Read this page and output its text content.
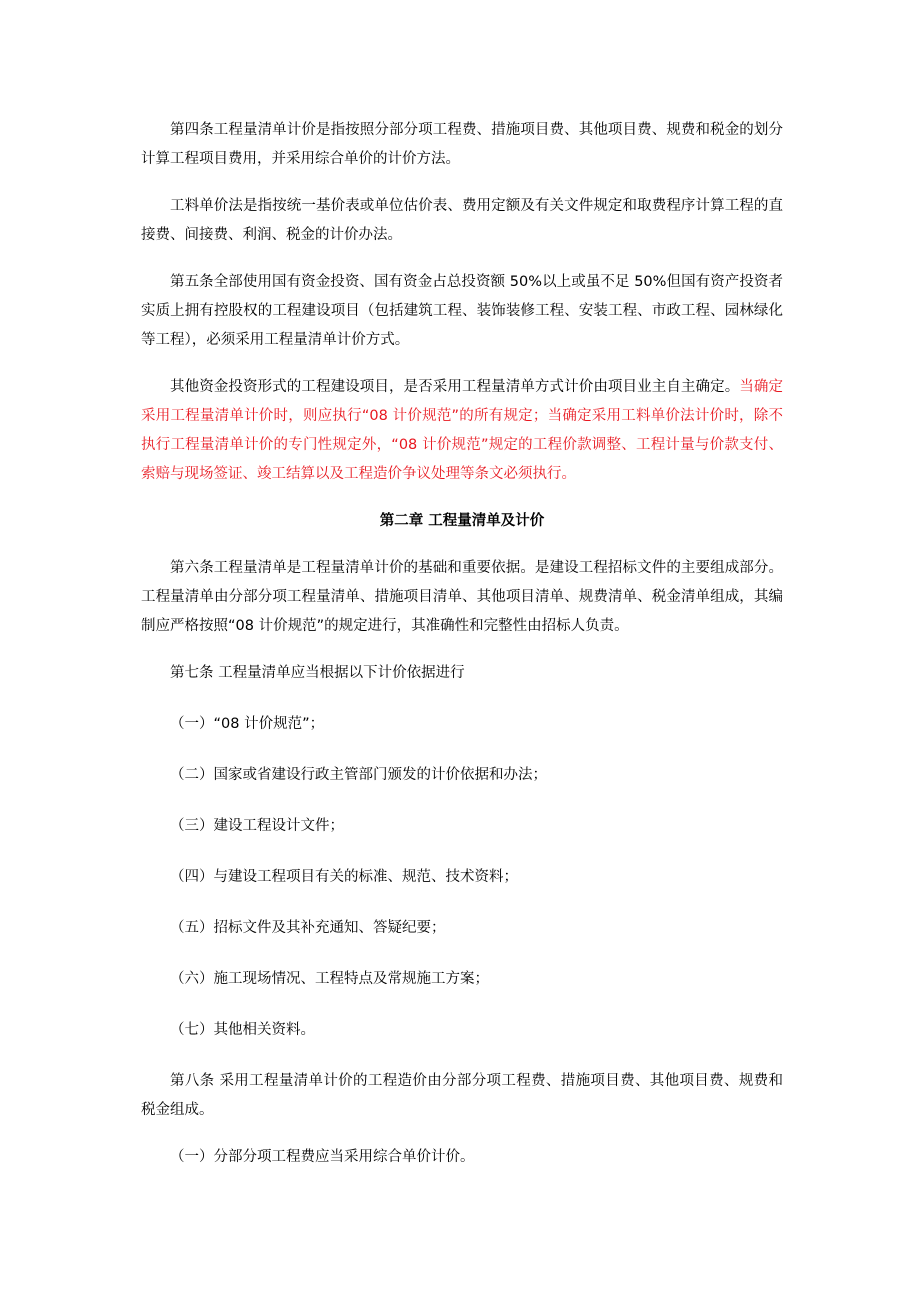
第四条工程量清单计价是指按照分部分项工程费、措施项目费、其他项目费、规费和税金的划分计算工程项目费用，并采用综合单价的计价方法。

工料单价法是指按统一基价表或单位估价表、费用定额及有关文件规定和取费程序计算工程的直接费、间接费、利润、税金的计价办法。

第五条全部使用国有资金投资、国有资金占总投资额 50%以上或虽不足 50%但国有资产投资者实质上拥有控股权的工程建设项目（包括建筑工程、装饰装修工程、安装工程、市政工程、园林绿化等工程），必须采用工程量清单计价方式。

其他资金投资形式的工程建设项目，是否采用工程量清单方式计价由项目业主自主确定。当确定采用工程量清单计价时，则应执行“08 计价规范”的所有规定；当确定采用工料单价法计价时，除不执行工程量清单计价的专门性规定外，“08 计价规范”规定的工程价款调整、工程计量与价款支付、索赔与现场签证、竣工结算以及工程造价争议处理等条文必须执行。

第二章 工程量清单及计价

第六条工程量清单是工程量清单计价的基础和重要依据。是建设工程招标文件的主要组成部分。工程量清单由分部分项工程量清单、措施项目清单、其他项目清单、规费清单、税金清单组成，其编制应严格按照“08 计价规范”的规定进行，其准确性和完整性由招标人负责。

第七条 工程量清单应当根据以下计价依据进行

（一）“08 计价规范”；

（二）国家或省建设行政主管部门颁发的计价依据和办法；

（三）建设工程设计文件；

（四）与建设工程项目有关的标准、规范、技术资料；

（五）招标文件及其补充通知、答疑纪要；

（六）施工现场情况、工程特点及常规施工方案；

（七）其他相关资料。

第八条 采用工程量清单计价的工程造价由分部分项工程费、措施项目费、其他项目费、规费和税金组成。

（一）分部分项工程费应当采用综合单价计价。
